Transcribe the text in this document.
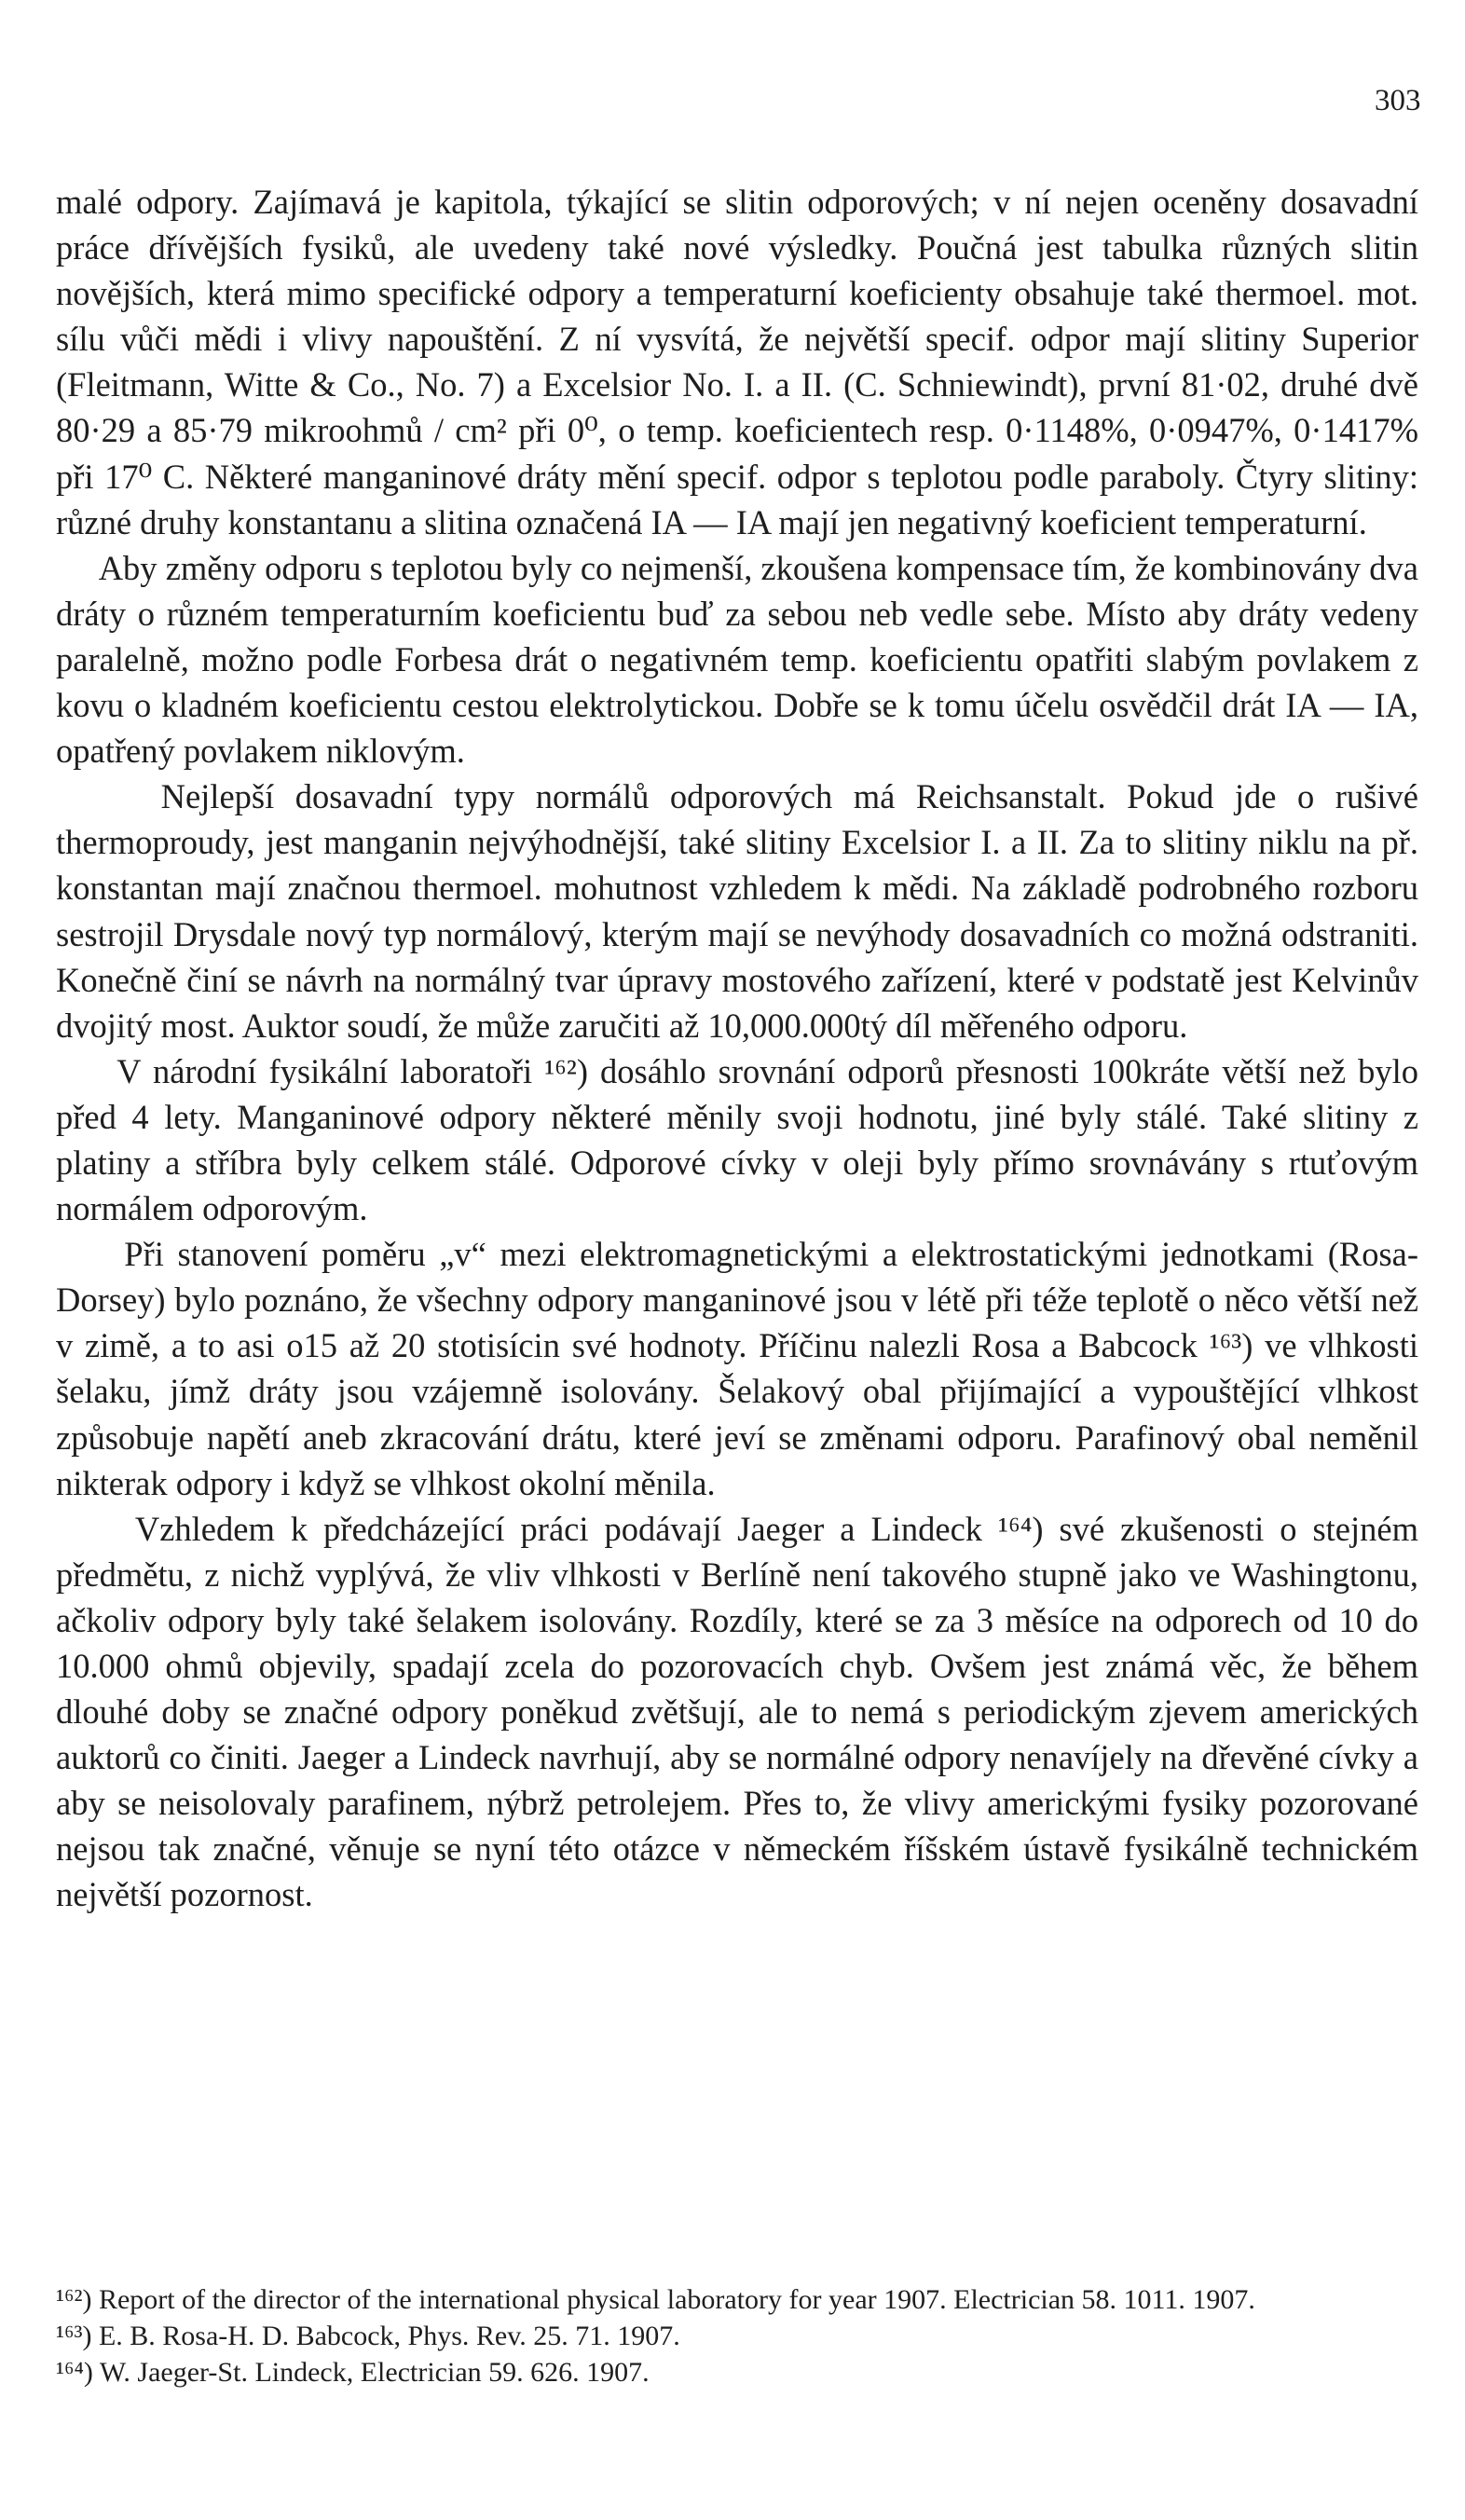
303

malé odpory. Zajímavá je kapitola, týkající se slitin odporových; v ní nejen oceněny dosavadní práce dřívějších fysiků, ale uvedeny také nové výsledky. Poučná jest tabulka různých slitin novějších, která mimo specifické odpory a temperaturní koeficienty obsahuje také thermoel. mot. sílu vůči mědi i vlivy napouštění. Z ní vysvítá, že největší specif. odpor mají slitiny Superior (Fleitmann, Witte & Co., No. 7) a Excelsior No. I. a II. (C. Schniewindt), první 81·02, druhé dvě 80·29 a 85·79 mikroohmů / cm² při 0⁰, o temp. koeficientech resp. 0·1148%, 0·0947%, 0·1417% při 17⁰ C. Některé manganinové dráty mění specif. odpor s teplotou podle paraboly. Čtyry slitiny: různé druhy konstantanu a slitina označená IA — IA mají jen negativný koeficient temperaturní.
Aby změny odporu s teplotou byly co nejmenší, zkoušena kompensace tím, že kombinovány dva dráty o různém temperaturním koeficientu buď za sebou neb vedle sebe. Místo aby dráty vedeny paralelně, možno podle Forbesa drát o negativném temp. koeficientu opatřiti slabým povlakem z kovu o kladném koeficientu cestou elektrolytickou. Dobře se k tomu účelu osvědčil drát IA — IA, opatřený povlakem niklovým.
Nejlepší dosavadní typy normálů odporových má Reichsanstalt. Pokud jde o rušivé thermoproudy, jest manganin nejvýhodnější, také slitiny Excelsior I. a II. Za to slitiny niklu na př. konstantan mají značnou thermoel. mohutnost vzhledem k mědi. Na základě podrobného rozboru sestrojil Drysdale nový typ normálový, kterým mají se nevýhody dosavadních co možná odstraniti. Konečně činí se návrh na normálný tvar úpravy mostového zařízení, které v podstatě jest Kelvinův dvojitý most. Auktor soudí, že může zaručiti až 10,000.000tý díl měřeného odporu.
V národní fysikální laboratoři ¹⁶²) dosáhlo srovnání odporů přesnosti 100kráte větší než bylo před 4 lety. Manganinové odpory některé měnily svoji hodnotu, jiné byly stálé. Také slitiny z platiny a stříbra byly celkem stálé. Odporové cívky v oleji byly přímo srovnávány s rtuťovým normálem odporovým.
Při stanovení poměru „v“ mezi elektromagnetickými a elektrostatickými jednotkami (Rosa-Dorsey) bylo poznáno, že všechny odpory manganinové jsou v létě při téže teplotě o něco větší než v zimě, a to asi o15 až 20 stotisícin své hodnoty. Příčinu nalezli Rosa a Babcock ¹⁶³) ve vlhkosti šelaku, jímž dráty jsou vzájemně isolovány. Šelakový obal přijímající a vypouštějící vlhkost způsobuje napětí aneb zkracování drátu, které jeví se změnami odporu. Parafinový obal neměnil nikterak odpory i když se vlhkost okolní měnila.
Vzhledem k předcházející práci podávají Jaeger a Lindeck ¹⁶⁴) své zkušenosti o stejném předmětu, z nichž vyplývá, že vliv vlhkosti v Berlíně není takového stupně jako ve Washingtonu, ačkoliv odpory byly také šelakem isolovány. Rozdíly, které se za 3 měsíce na odporech od 10 do 10.000 ohmů objevily, spadají zcela do pozorovacích chyb. Ovšem jest známá věc, že během dlouhé doby se značné odpory poněkud zvětšují, ale to nemá s periodickým zjevem amerických auktorů co činiti. Jaeger a Lindeck navrhují, aby se normálné odpory nenavíjely na dřevěné cívky a aby se neisolovaly parafinem, nýbrž petrolejem. Přes to, že vlivy americkými fysiky pozorované nejsou tak značné, věnuje se nyní této otázce v německém říšském ústavě fysikálně technickém největší pozornost.

¹⁶²) Report of the director of the international physical laboratory for year 1907. Electrician 58. 1011. 1907.
¹⁶³) E. B. Rosa-H. D. Babcock, Phys. Rev. 25. 71. 1907.
¹⁶⁴) W. Jaeger-St. Lindeck, Electrician 59. 626. 1907.
